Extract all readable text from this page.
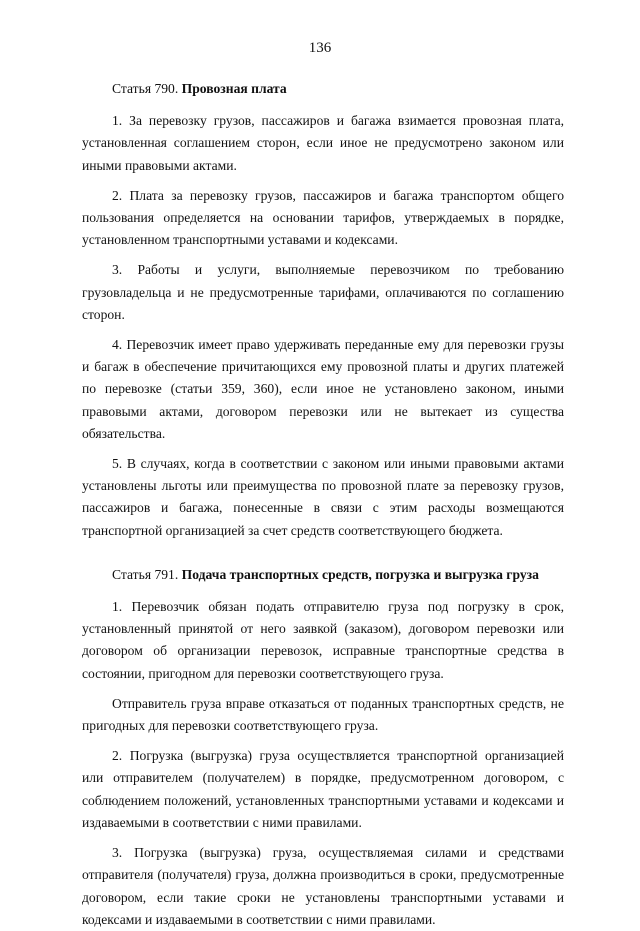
136
Статья 790. Провозная плата

1. За перевозку грузов, пассажиров и багажа взимается провозная плата, установленная соглашением сторон, если иное не предусмотрено законом или иными правовыми актами.

2. Плата за перевозку грузов, пассажиров и багажа транспортом общего пользования определяется на основании тарифов, утверждаемых в порядке, установленном транспортными уставами и кодексами.

3. Работы и услуги, выполняемые перевозчиком по требованию грузовладельца и не предусмотренные тарифами, оплачиваются по соглашению сторон.

4. Перевозчик имеет право удерживать переданные ему для перевозки грузы и багаж в обеспечение причитающихся ему провозной платы и других платежей по перевозке (статьи 359, 360), если иное не установлено законом, иными правовыми актами, договором перевозки или не вытекает из существа обязательства.

5. В случаях, когда в соответствии с законом или иными правовыми актами установлены льготы или преимущества по провозной плате за перевозку грузов, пассажиров и багажа, понесенные в связи с этим расходы возмещаются транспортной организацией за счет средств соответствующего бюджета.

Статья 791. Подача транспортных средств, погрузка и выгрузка груза

1. Перевозчик обязан подать отправителю груза под погрузку в срок, установленный принятой от него заявкой (заказом), договором перевозки или договором об организации перевозок, исправные транспортные средства в состоянии, пригодном для перевозки соответствующего груза.

Отправитель груза вправе отказаться от поданных транспортных средств, не пригодных для перевозки соответствующего груза.

2. Погрузка (выгрузка) груза осуществляется транспортной организацией или отправителем (получателем) в порядке, предусмотренном договором, с соблюдением положений, установленных транспортными уставами и кодексами и издаваемыми в соответствии с ними правилами.

3. Погрузка (выгрузка) груза, осуществляемая силами и средствами отправителя (получателя) груза, должна производиться в сроки, предусмотренные договором, если такие сроки не установлены транспортными уставами и кодексами и издаваемыми в соответствии с ними правилами.
